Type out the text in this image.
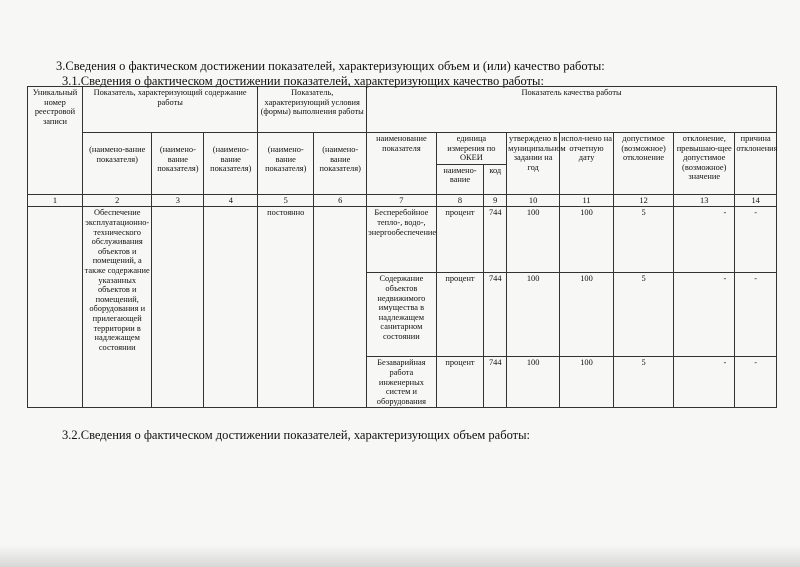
3.Сведения о фактическом достижении показателей, характеризующих объем и (или) качество работы:
3.1.Сведения о фактическом достижении показателей, характеризующих качество работы:
Уникальный номер реестровой записи	Показатель, характеризующий содержание работы			Показатель, характеризующий условия (формы) выполнения работы		Показатель качества работы							
	(наимено-вание показателя)	(наимено-вание показателя)	(наимено-вание показателя)	(наимено-вание показателя)	(наимено-вание показателя)	наименование показателя	единица измерения по ОКЕИ		утверждено в муниципальном задании на год	испол-нено на отчетную дату	допустимое (возможное) отклонение	отклонение, превышаю-щее допустимое (возможное) значение	причина отклонения
							наимено-вание	код					
1	2	3	4	5	6	7	8	9	10	11	12	13	14
	Обеспечение эксплуатационно-технического обслуживания объектов и помещений, а также содержание указанных объектов и помещений, оборудования и прилегающей территории в надлежащем состоянии			постоянно		Бесперебойное тепло-, водо-, энергообеспечение	процент	744	100	100	5	-	-
						Содержание объектов недвижимого имущества в надлежащем санитарном состоянии	процент	744	100	100	5	-	-
						Безаварийная работа инженерных систем и оборудования	процент	744	100	100	5	-	-
3.2.Сведения о фактическом достижении показателей, характеризующих объем работы:
